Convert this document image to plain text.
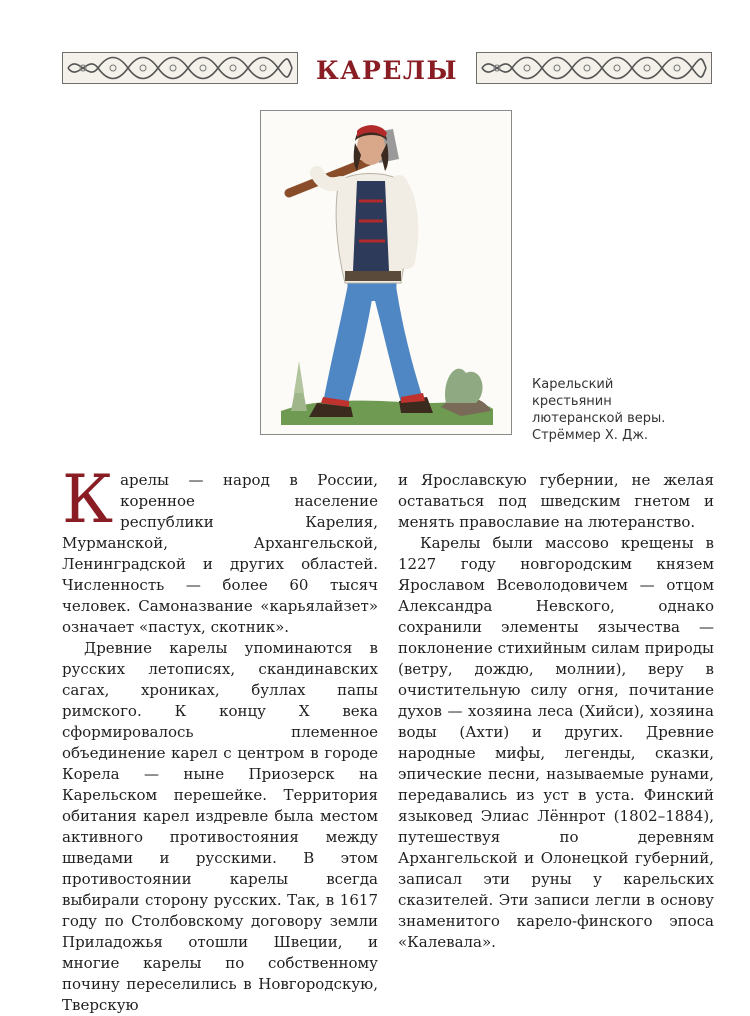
КАРЕЛЫ
Карельский
крестьянин
лютеранской веры.
Стрёммер Х. Дж.

Карелы — народ в России, коренное население республики Карелия, Мурманской, Архангельской, Ленинградской и других областей. Численность — более 60 тысяч человек. Самоназвание «карьялайзет» означает «пастух, скотник».

Древние карелы упоминаются в русских летописях, скандинавских сагах, хрониках, буллах папы римского. К концу X века сформировалось племенное объединение карел с центром в городе Корела — ныне Приозерск на Карельском перешейке. Территория обитания карел издревле была местом активного противостояния между шведами и русскими. В этом противостоянии карелы всегда выбирали сторону русских. Так, в 1617 году по Столбовскому договору земли Приладожья отошли Швеции, и многие карелы по собственному почину переселились в Новгородскую, Тверскую

и Ярославскую губернии, не желая оставаться под шведским гнетом и менять православие на лютеранство.

Карелы были массово крещены в 1227 году новгородским князем Ярославом Всеволодовичем — отцом Александра Невского, однако сохранили элементы язычества — поклонение стихийным силам природы (ветру, дождю, молнии), веру в очистительную силу огня, почитание духов — хозяина леса (Хийси), хозяина воды (Ахти) и других. Древние народные мифы, легенды, сказки, эпические песни, называемые рунами, передавались из уст в уста. Финский языковед Элиас Лённрот (1802–1884), путешествуя по деревням Архангельской и Олонецкой губерний, записал эти руны у карельских сказителей. Эти записи легли в основу знаменитого карело-финского эпоса «Калевала».
